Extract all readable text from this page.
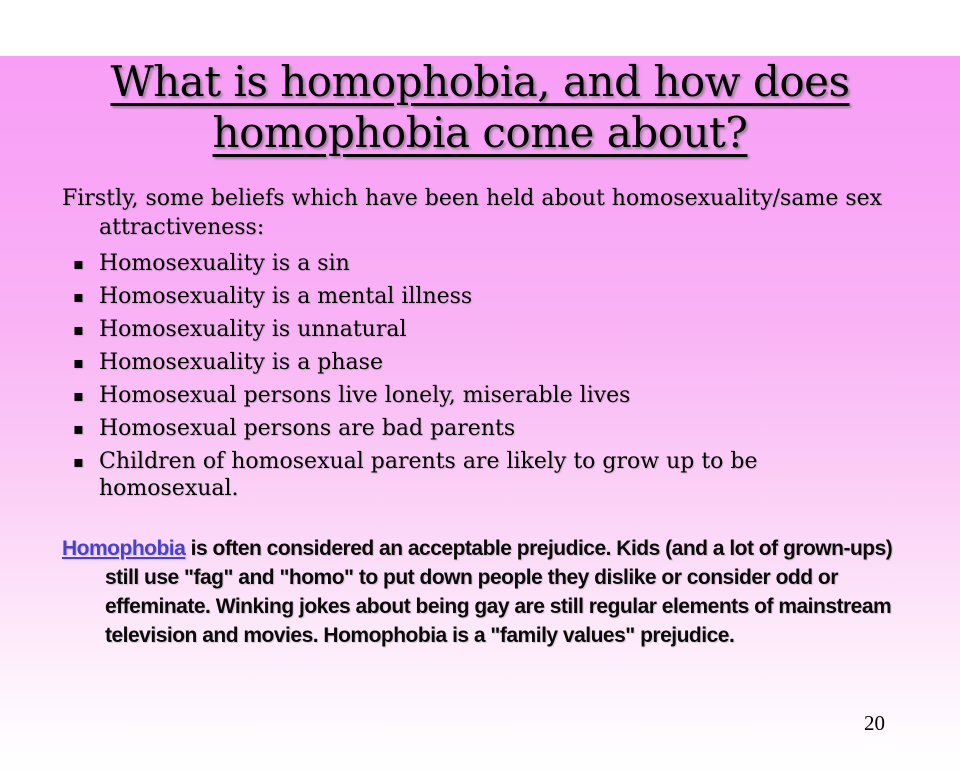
What is homophobia, and how does
homophobia come about?

Firstly, some beliefs which have been held about homosexuality/same sex attractiveness:

▪ Homosexuality is a sin
▪ Homosexuality is a mental illness
▪ Homosexuality is unnatural
▪ Homosexuality is a phase
▪ Homosexual persons live lonely, miserable lives
▪ Homosexual persons are bad parents
▪ Children of homosexual parents are likely to grow up to be homosexual.

Homophobia is often considered an acceptable prejudice. Kids (and a lot of grown-ups) still use "fag" and "homo" to put down people they dislike or consider odd or effeminate. Winking jokes about being gay are still regular elements of mainstream television and movies. Homophobia is a "family values" prejudice.

20
